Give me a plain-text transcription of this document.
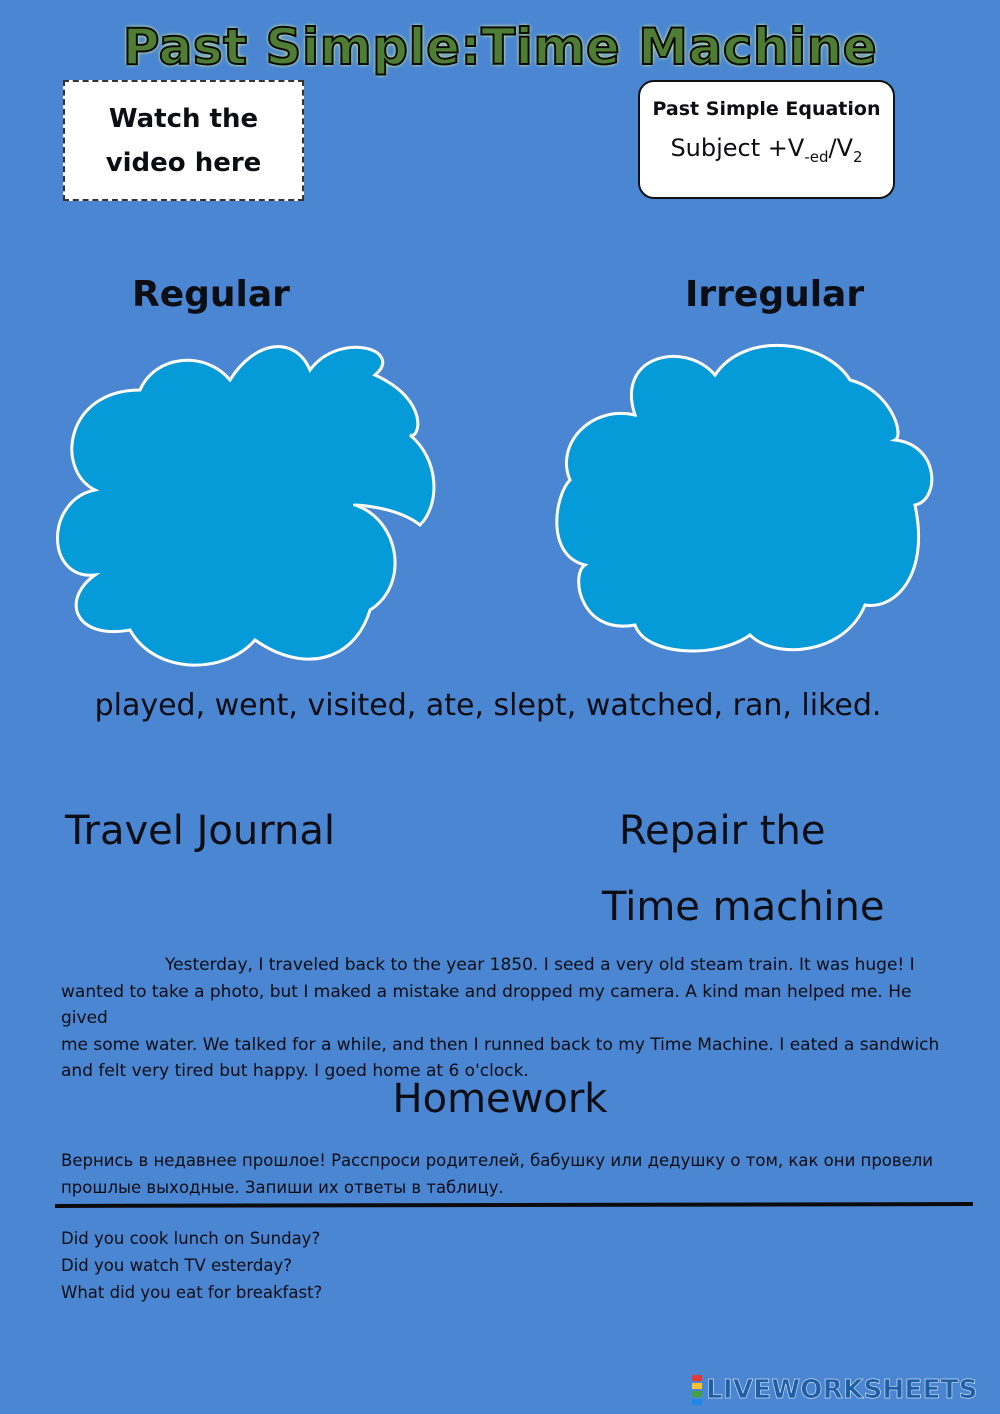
Past Simple:Time Machine
Watch the
video here
Past Simple Equation
Subject $+V_{-ed}/V_2$
Regular	Irregular
played, went, visited, ate, slept, watched, ran, liked.
Travel Journal	Repair the
Time machine
Yesterday, I traveled back to the year 1850. I seed a very old steam train. It was huge! I
wanted to take a photo, but I maked a mistake and dropped my camera. A kind man helped me. He gived
me some water. We talked for a while, and then I runned back to my Time Machine. I eated a sandwich
and felt very tired but happy. I goed home at 6 o'clock.
Homework
Вернись в недавнее прошлое! Расспроси родителей, бабушку или дедушку о том, как они провели
прошлые выходные. Запиши их ответы в таблицу.
Did you cook lunch on Sunday?
Did you watch TV esterday?
What did you eat for breakfast?
LIVEWORKSHEETS
